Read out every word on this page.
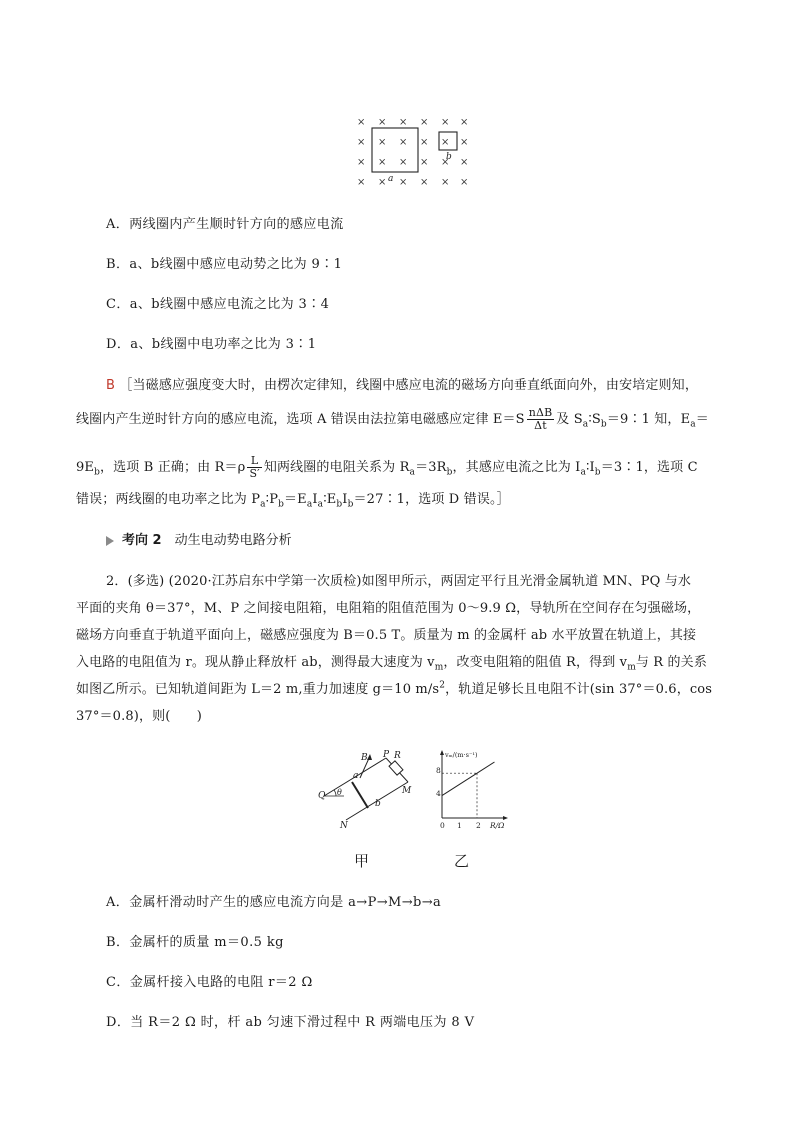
× × × × × ×
× × × × × ×
× × × × × ×
× × × × × ×
a
b
A．两线圈内产生顺时针方向的感应电流
B．a、b线圈中感应电动势之比为 9∶1
C．a、b线圈中感应电流之比为 3∶4
D．a、b线圈中电功率之比为 3∶1
B ［当磁感应强度变大时，由楞次定律知，线圈中感应电流的磁场方向垂直纸面向外，由安培定则知，
线圈内产生逆时针方向的感应电流，选项 A 错误由法拉第电磁感应定律 $E=S \frac{\text{nΔB}}{\Delta t}$ 及 $S_a∶S_b=9∶1$ 知，$E_a=$
$9E_b$，选项 B 正确；由 $R=\rho \frac{L}{S'}$ 知两线圈的电阻关系为 $R_a=3R_b$，其感应电流之比为 $I_a∶I_b=3∶1$，选项 C
错误；两线圈的电功率之比为 $P_a∶P_b=E_aI_a∶E_bI_b=27∶1$，选项 D 错误。］
考向 2　 动生电动势电路分析
2．(多选) (2020·江苏启东中学第一次质检)如图甲所示，两固定平行且光滑金属轨道 MN、PQ 与水
平面的夹角 θ＝37°，M、P 之间接电阻箱，电阻箱的阻值范围为 0～9.9 Ω，导轨所在空间存在匀强磁场，
磁场方向垂直于轨道平面向上，磁感应强度为 B＝0.5 T。质量为 m 的金属杆 ab 水平放置在轨道上，其接
入电路的电阻值为 r。现从静止释放杆 ab，测得最大速度为 $v_m$，改变电阻箱的阻值 R，得到 $v_m$与 R 的关系
如图乙所示。已知轨道间距为 L＝2 m,重力加速度 g＝10 $m/s^2$，轨道足够长且电阻不计(sin 37°＝0.6，cos
37°＝0.8)，则(　　)
B P R
a
M
Q θ
b
N
vₘ/(m·s⁻¹)
R/Ω
8
4
0 1 2
甲	乙
A．金属杆滑动时产生的感应电流方向是 a→P→M→b→a
B．金属杆的质量 m＝0.5 kg
C．金属杆接入电路的电阻 r＝2 Ω
D．当 R＝2 Ω 时，杆 ab 匀速下滑过程中 R 两端电压为 8 V
